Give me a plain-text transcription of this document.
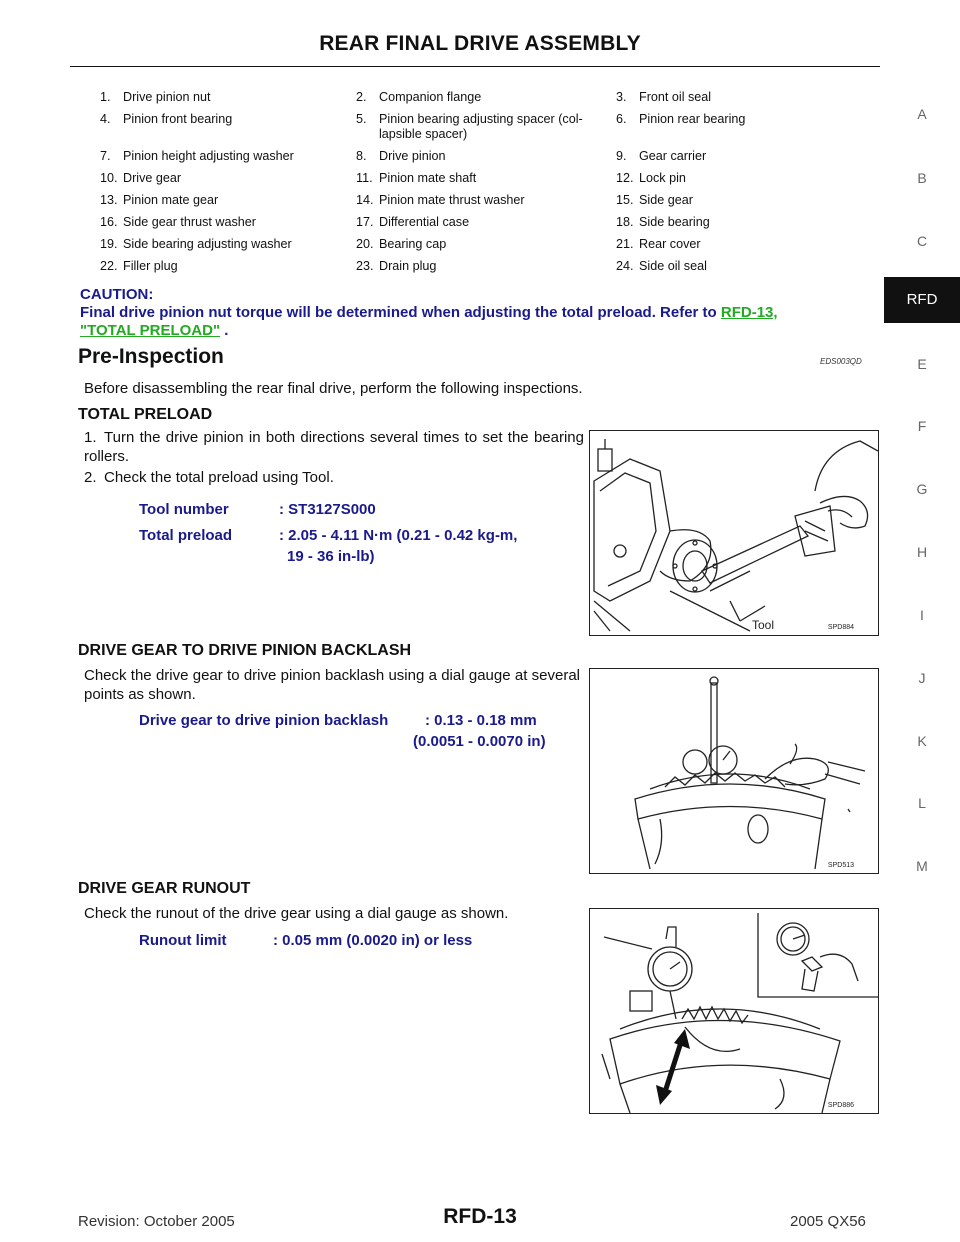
REAR FINAL DRIVE ASSEMBLY
A
B
C
RFD
E
F
G
H
I
J
K
L
M
1. Drive pinion nut	2. Companion flange	3. Front oil seal
4. Pinion front bearing	5. Pinion bearing adjusting spacer (col-lapsible spacer)	6. Pinion rear bearing
7. Pinion height adjusting washer	8. Drive pinion	9. Gear carrier
10. Drive gear	11. Pinion mate shaft	12. Lock pin
13. Pinion mate gear	14. Pinion mate thrust washer	15. Side gear
16. Side gear thrust washer	17. Differential case	18. Side bearing
19. Side bearing adjusting washer	20. Bearing cap	21. Rear cover
22. Filler plug	23. Drain plug	24. Side oil seal
CAUTION:
Final drive pinion nut torque will be determined when adjusting the total preload. Refer to RFD-13,
"TOTAL PRELOAD" .
Pre-Inspection	EDS003QD
Before disassembling the rear final drive, perform the following inspections.
TOTAL PRELOAD
1. Turn the drive pinion in both directions several times to set the bearing rollers.
2. Check the total preload using Tool.
Tool number	: ST3127S000
Total preload	: 2.05 - 4.11 N·m (0.21 - 0.42 kg-m,
19 - 36 in-lb)
Tool	SPD884
DRIVE GEAR TO DRIVE PINION BACKLASH
Check the drive gear to drive pinion backlash using a dial gauge at several points as shown.
Drive gear to drive pinion backlash : 0.13 - 0.18 mm
(0.0051 - 0.0070 in)
SPD513
DRIVE GEAR RUNOUT
Check the runout of the drive gear using a dial gauge as shown.
Runout limit	: 0.05 mm (0.0020 in) or less
SPD886
Revision: October 2005	RFD-13	2005 QX56
